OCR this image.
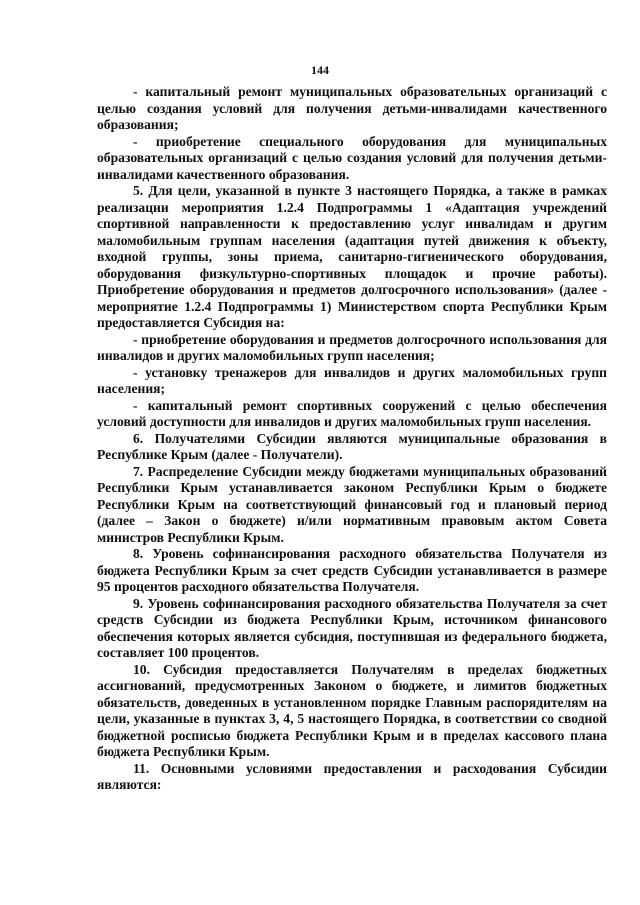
144

- капитальный ремонт муниципальных образовательных организаций с целью создания условий для получения детьми-инвалидами качественного образования;

- приобретение специального оборудования для муниципальных образовательных организаций с целью создания условий для получения детьми-инвалидами качественного образования.

5. Для цели, указанной в пункте 3 настоящего Порядка, а также в рамках реализации мероприятия 1.2.4 Подпрограммы 1 «Адаптация учреждений спортивной направленности к предоставлению услуг инвалидам и другим маломобильным группам населения (адаптация путей движения к объекту, входной группы, зоны приема, санитарно-гигиенического оборудования, оборудования физкультурно-спортивных площадок и прочие работы). Приобретение оборудования и предметов долгосрочного использования» (далее - мероприятие 1.2.4 Подпрограммы 1) Министерством спорта Республики Крым предоставляется Субсидия на:

- приобретение оборудования и предметов долгосрочного использования для инвалидов и других маломобильных групп населения;

- установку тренажеров для инвалидов и других маломобильных групп населения;

- капитальный ремонт спортивных сооружений с целью обеспечения условий доступности для инвалидов и других маломобильных групп населения.

6. Получателями Субсидии являются муниципальные образования в Республике Крым (далее - Получатели).

7. Распределение Субсидии между бюджетами муниципальных образований Республики Крым устанавливается законом Республики Крым о бюджете Республики Крым на соответствующий финансовый год и плановый период (далее – Закон о бюджете) и/или нормативным правовым актом Совета министров Республики Крым.

8. Уровень софинансирования расходного обязательства Получателя из бюджета Республики Крым за счет средств Субсидии устанавливается в размере 95 процентов расходного обязательства Получателя.

9. Уровень софинансирования расходного обязательства Получателя за счет средств Субсидии из бюджета Республики Крым, источником финансового обеспечения которых является субсидия, поступившая из федерального бюджета, составляет 100 процентов.

10. Субсидия предоставляется Получателям в пределах бюджетных ассигнований, предусмотренных Законом о бюджете, и лимитов бюджетных обязательств, доведенных в установленном порядке Главным распорядителям на цели, указанные в пунктах 3, 4, 5 настоящего Порядка, в соответствии со сводной бюджетной росписью бюджета Республики Крым и в пределах кассового плана бюджета Республики Крым.

11. Основными условиями предоставления и расходования Субсидии являются:
